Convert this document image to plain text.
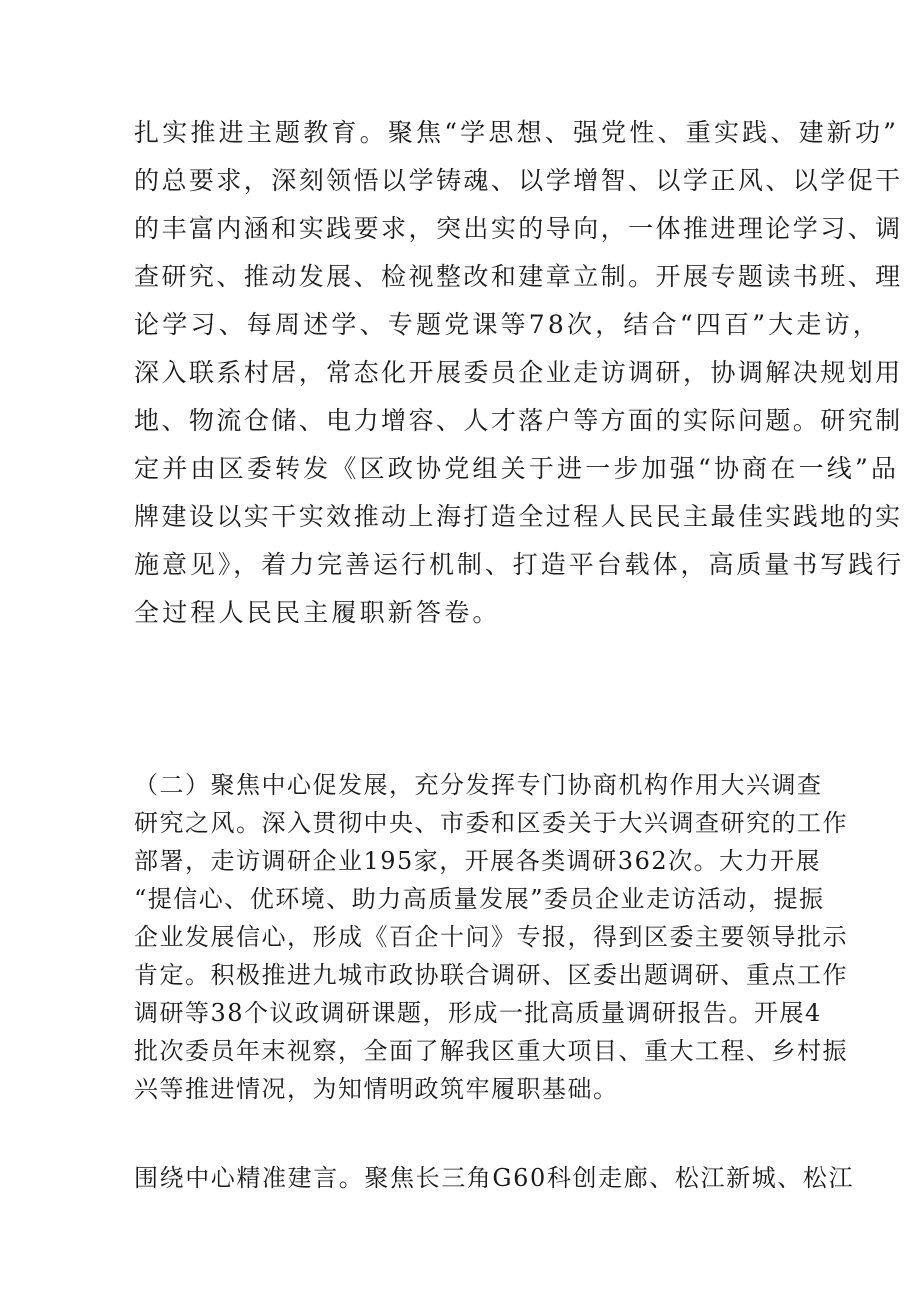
扎实推进主题教育。聚焦“学思想、强党性、重实践、建新功”

的总要求，深刻领悟以学铸魂、以学增智、以学正风、以学促干

的丰富内涵和实践要求，突出实的导向，一体推进理论学习、调

查研究、推动发展、检视整改和建章立制。开展专题读书班、理

论学习、每周述学、专题党课等78次，结合“四百”大走访，

深入联系村居，常态化开展委员企业走访调研，协调解决规划用

地、物流仓储、电力增容、人才落户等方面的实际问题。研究制

定并由区委转发《区政协党组关于进一步加强“协商在一线”品

牌建设以实干实效推动上海打造全过程人民民主最佳实践地的实

施意见》，着力完善运行机制、打造平台载体，高质量书写践行

全过程人民民主履职新答卷。

（二）聚焦中心促发展，充分发挥专门协商机构作用大兴调查

研究之风。深入贯彻中央、市委和区委关于大兴调查研究的工作

部署，走访调研企业195家，开展各类调研362次。大力开展

“提信心、优环境、助力高质量发展”委员企业走访活动，提振

企业发展信心，形成《百企十问》专报，得到区委主要领导批示

肯定。积极推进九城市政协联合调研、区委出题调研、重点工作

调研等38个议政调研课题，形成一批高质量调研报告。开展4

批次委员年末视察，全面了解我区重大项目、重大工程、乡村振

兴等推进情况，为知情明政筑牢履职基础。

围绕中心精准建言。聚焦长三角G60科创走廊、松江新城、松江
